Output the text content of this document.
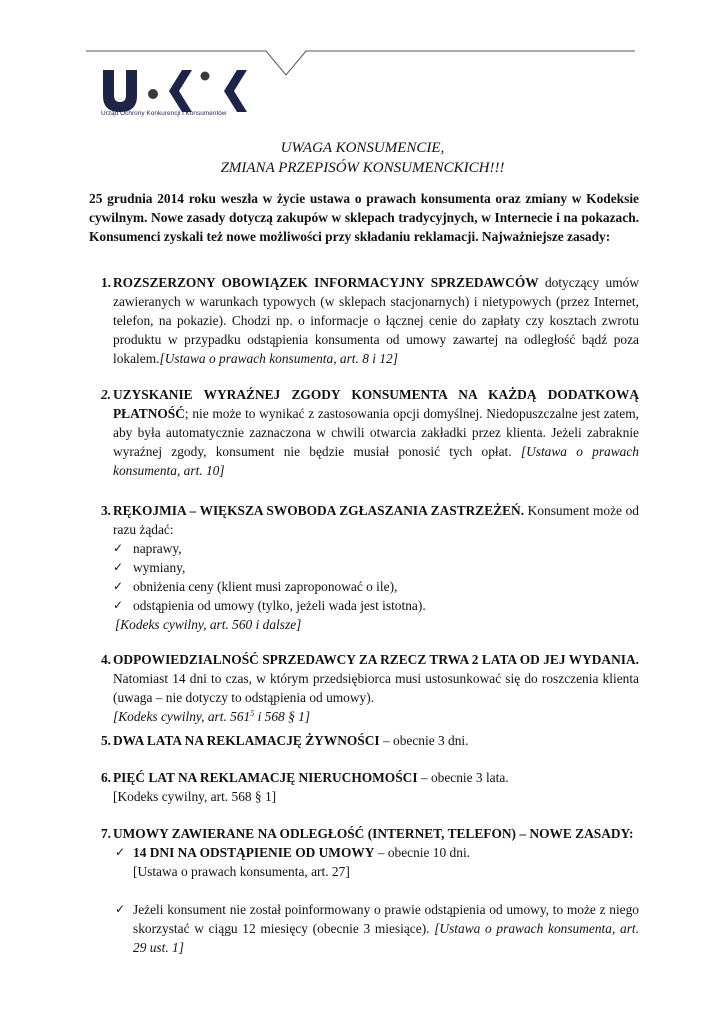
Urząd Ochrony Konkurencji i Konsumentów
UWAGA KONSUMENCIE,
ZMIANA PRZEPISÓW KONSUMENCKICH!!!

25 grudnia 2014 roku weszła w życie ustawa o prawach konsumenta oraz zmiany w Kodeksie cywilnym. Nowe zasady dotyczą zakupów w sklepach tradycyjnych, w Internecie i na pokazach. Konsumenci zyskali też nowe możliwości przy składaniu reklamacji. Najważniejsze zasady:

1. ROZSZERZONY OBOWIĄZEK INFORMACYJNY SPRZEDAWCÓW dotyczący umów zawieranych w warunkach typowych (w sklepach stacjonarnych) i nietypowych (przez Internet, telefon, na pokazie). Chodzi np. o informacje o łącznej cenie do zapłaty czy kosztach zwrotu produktu w przypadku odstąpienia konsumenta od umowy zawartej na odległość bądź poza lokalem.[Ustawa o prawach konsumenta, art. 8 i 12]
2. UZYSKANIE WYRAŹNEJ ZGODY KONSUMENTA NA KAŻDĄ DODATKOWĄ PŁATNOŚĆ; nie może to wynikać z zastosowania opcji domyślnej. Niedopuszczalne jest zatem, aby była automatycznie zaznaczona w chwili otwarcia zakładki przez klienta. Jeżeli zabraknie wyraźnej zgody, konsument nie będzie musiał ponosić tych opłat. [Ustawa o prawach konsumenta, art. 10]
3. RĘKOJMIA – WIĘKSZA SWOBODA ZGŁASZANIA ZASTRZEŻEŃ. Konsument może od razu żądać:
✓ naprawy,
✓ wymiany,
✓ obniżenia ceny (klient musi zaproponować o ile),
✓ odstąpienia od umowy (tylko, jeżeli wada jest istotna).
[Kodeks cywilny, art. 560 i dalsze]
4. ODPOWIEDZIALNOŚĆ SPRZEDAWCY ZA RZECZ TRWA 2 LATA OD JEJ WYDANIA. Natomiast 14 dni to czas, w którym przedsiębiorca musi ustosunkować się do roszczenia klienta (uwaga – nie dotyczy to odstąpienia od umowy).
[Kodeks cywilny, art. $561^5$ i 568 § 1]
5. DWA LATA NA REKLAMACJĘ ŻYWNOŚCI – obecnie 3 dni.
6. PIĘĆ LAT NA REKLAMACJĘ NIERUCHOMOŚCI – obecnie 3 lata.
[Kodeks cywilny, art. 568 § 1]
7. UMOWY ZAWIERANE NA ODLEGŁOŚĆ (INTERNET, TELEFON) – NOWE ZASADY:
✓ 14 DNI NA ODSTĄPIENIE OD UMOWY – obecnie 10 dni.
[Ustawa o prawach konsumenta, art. 27]
✓ Jeżeli konsument nie został poinformowany o prawie odstąpienia od umowy, to może z niego skorzystać w ciągu 12 miesięcy (obecnie 3 miesiące). [Ustawa o prawach konsumenta, art. 29 ust. 1]
